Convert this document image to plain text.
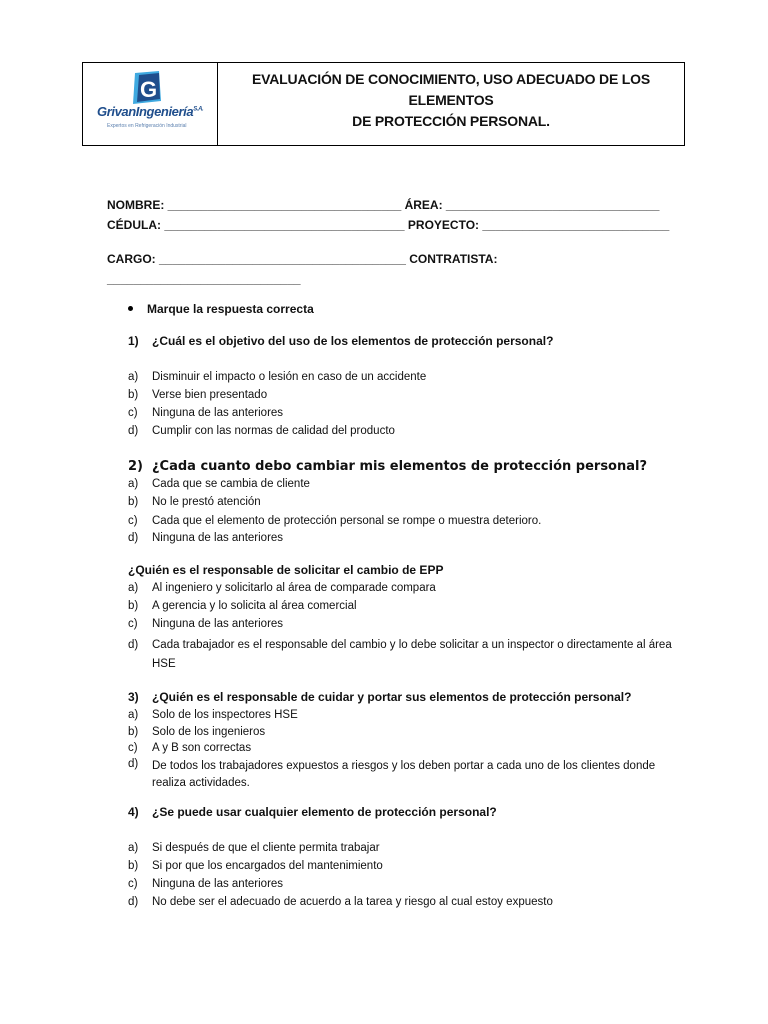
G
GrivanIngeniería$^{S.A.}$
Expertos en Refrigeración Industrial
EVALUACIÓN DE CONOCIMIENTO, USO ADECUADO DE LOS ELEMENTOS
DE PROTECCIÓN PERSONAL.
NOMBRE: ___________________________________ ÁREA: ________________________________
CÉDULA: ____________________________________ PROYECTO: ____________________________
CARGO: _____________________________________ CONTRATISTA:
_____________________________
Marque la respuesta correcta
1)	¿Cuál es el objetivo del uso de los elementos de protección personal?
a)	Disminuir el impacto o lesión en caso de un accidente
b)	Verse bien presentado
c)	Ninguna de las anteriores
d)	Cumplir con las normas de calidad del producto
2) ¿Cada cuanto debo cambiar mis elementos de protección personal?
a)	Cada que se cambia de cliente
b)	No le prestó atención
c)	Cada que el elemento de protección personal se rompe o muestra deterioro.
d)	Ninguna de las anteriores
¿Quién es el responsable de solicitar el cambio de EPP
a)	Al ingeniero y solicitarlo al área de comparade compara
b)	A gerencia y lo solicita al área comercial
c)	Ninguna de las anteriores
d)	Cada trabajador es el responsable del cambio y lo debe solicitar a un inspector o directamente al área HSE
3)	¿Quién es el responsable de cuidar y portar sus elementos de protección personal?
a)	Solo de los inspectores HSE
b)	Solo de los ingenieros
c)	A y B son correctas
d)	De todos los trabajadores expuestos a riesgos y los deben portar a cada uno de los clientes donde realiza actividades.
4)	¿Se puede usar cualquier elemento de protección personal?
a)	Si después de que el cliente permita trabajar
b)	Si por que los encargados del mantenimiento
c)	Ninguna de las anteriores
d)	No debe ser el adecuado de acuerdo a la tarea y riesgo al cual estoy expuesto
